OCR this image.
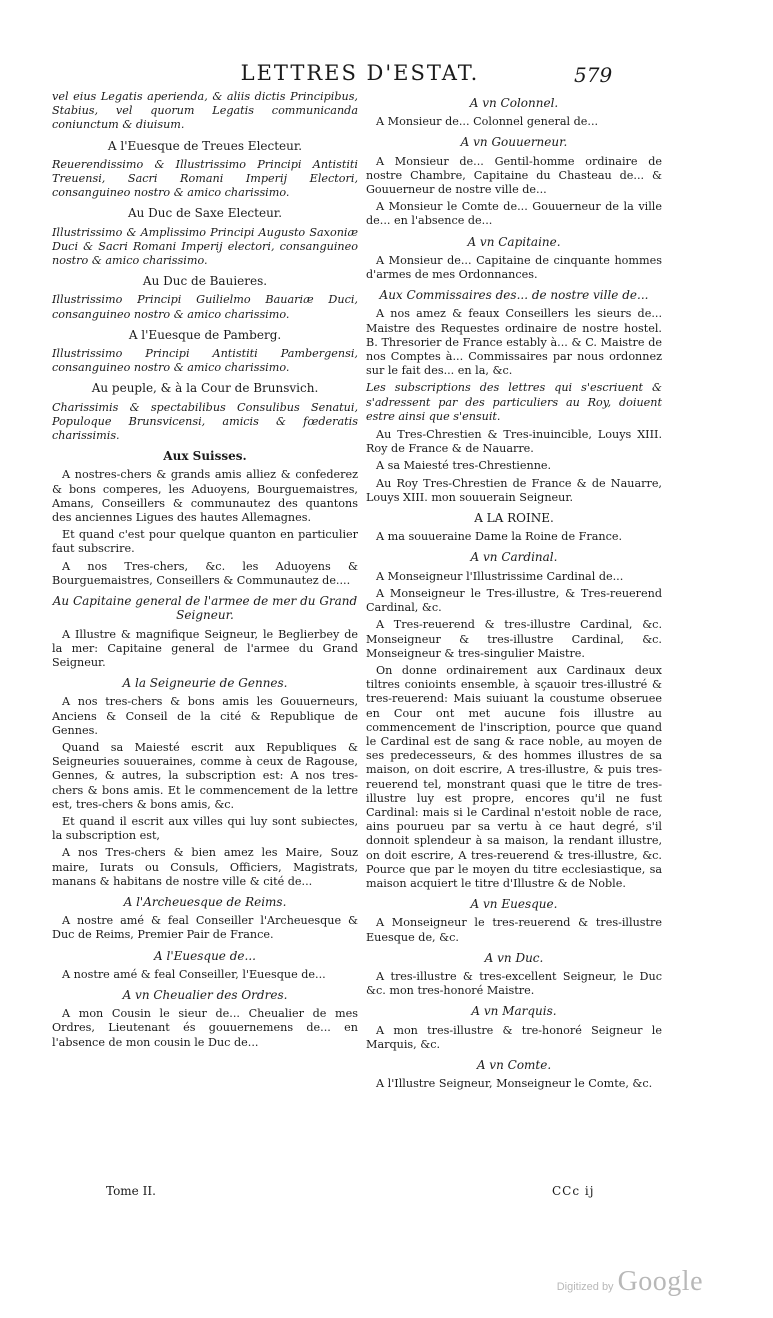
LETTRES D'ESTAT.	579
vel eius Legatis aperienda, & aliis dictis Principibus, Stabius, vel quorum Legatis communicanda coniunctum & diuisum.
A l'Euesque de Treues Electeur.
Reuerendissimo & Illustrissimo Principi Antistiti Treuensi, Sacri Romani Imperij Electori, consanguineo nostro & amico charissimo.
Au Duc de Saxe Electeur.
Illustrissimo & Amplissimo Principi Augusto Saxoniæ Duci & Sacri Romani Imperij electori, consanguineo nostro & amico charissimo.
Au Duc de Bauieres.
Illustrissimo Principi Guilielmo Bauariæ Duci, consanguineo nostro & amico charissimo.
A l'Euesque de Pamberg.
Illustrissimo Principi Antistiti Pambergensi, consanguineo nostro & amico charissimo.
Au peuple, & à la Cour de Brunsvich.
Charissimis & spectabilibus Consulibus Senatui, Populoque Brunsvicensi, amicis & fœderatis charissimis.
Aux Suisses.
A nostres-chers & grands amis alliez & confederez & bons comperes, les Aduoyens, Bourguemaistres, Amans, Conseillers & communautez des quantons des anciennes Ligues des hautes Allemagnes.
Et quand c'est pour quelque quanton en particulier faut subscrire.
A nos Tres-chers, &c. les Aduoyens & Bourguemaistres, Conseillers & Communautez de....
Au Capitaine general de l'armee de mer du Grand Seigneur.
A Illustre & magnifique Seigneur, le Beglierbey de la mer: Capitaine general de l'armee du Grand Seigneur.
A la Seigneurie de Gennes.
A nos tres-chers & bons amis les Gouuerneurs, Anciens & Conseil de la cité & Republique de Gennes.
Quand sa Maiesté escrit aux Republiques & Seigneuries souueraines, comme à ceux de Ragouse, Gennes, & autres, la subscription est: A nos tres-chers & bons amis. Et le commencement de la lettre est, tres-chers & bons amis, &c.
Et quand il escrit aux villes qui luy sont subiectes, la subscription est,
A nos Tres-chers & bien amez les Maire, Souz maire, Iurats ou Consuls, Officiers, Magistrats, manans & habitans de nostre ville & cité de...
A l'Archeuesque de Reims.
A nostre amé & feal Conseiller l'Archeuesque & Duc de Reims, Premier Pair de France.
A l'Euesque de...
A nostre amé & feal Conseiller, l'Euesque de...
A vn Cheualier des Ordres.
A mon Cousin le sieur de... Cheualier de mes Ordres, Lieutenant és gouuernemens de... en l'absence de mon cousin le Duc de...
A vn Colonnel.
A Monsieur de... Colonnel general de...
A vn Gouuerneur.
A Monsieur de... Gentil-homme ordinaire de nostre Chambre, Capitaine du Chasteau de... & Gouuerneur de nostre ville de...
A Monsieur le Comte de... Gouuerneur de la ville de... en l'absence de...
A vn Capitaine.
A Monsieur de... Capitaine de cinquante hommes d'armes de mes Ordonnances.
Aux Commissaires des... de nostre ville de...
A nos amez & feaux Conseillers les sieurs de... Maistre des Requestes ordinaire de nostre hostel. B. Thresorier de France estably à... & C. Maistre de nos Comptes à... Commissaires par nous ordonnez sur le fait des... en la, &c.
Les subscriptions des lettres qui s'escriuent & s'adressent par des particuliers au Roy, doiuent estre ainsi que s'ensuit.
Au Tres-Chrestien & Tres-inuincible, Louys XIII. Roy de France & de Nauarre.
A sa Maiesté tres-Chrestienne.
Au Roy Tres-Chrestien de France & de Nauarre, Louys XIII. mon souuerain Seigneur.
A LA ROINE.
A ma souueraine Dame la Roine de France.
A vn Cardinal.
A Monseigneur l'Illustrissime Cardinal de...
A Monseigneur le Tres-illustre, & Tres-reuerend Cardinal, &c.
A Tres-reuerend & tres-illustre Cardinal, &c. Monseigneur & tres-illustre Cardinal, &c. Monseigneur & tres-singulier Maistre.
On donne ordinairement aux Cardinaux deux tiltres conioints ensemble, à sçauoir tres-illustré & tres-reuerend: Mais suiuant la coustume obseruee en Cour ont met aucune fois illustre au commencement de l'inscription, pource que quand le Cardinal est de sang & race noble, au moyen de ses predecesseurs, & des hommes illustres de sa maison, on doit escrire, A tres-illustre, & puis tres-reuerend tel, monstrant quasi que le titre de tres-illustre luy est propre, encores qu'il ne fust Cardinal: mais si le Cardinal n'estoit noble de race, ains pourueu par sa vertu à ce haut degré, s'il donnoit splendeur à sa maison, la rendant illustre, on doit escrire, A tres-reuerend & tres-illustre, &c. Pource que par le moyen du titre ecclesiastique, sa maison acquiert le titre d'Illustre & de Noble.
A vn Euesque.
A Monseigneur le tres-reuerend & tres-illustre Euesque de, &c.
A vn Duc.
A tres-illustre & tres-excellent Seigneur, le Duc &c. mon tres-honoré Maistre.
A vn Marquis.
A mon tres-illustre & tre-honoré Seigneur le Marquis, &c.
A vn Comte.
A l'Illustre Seigneur, Monseigneur le Comte, &c.
Tome II.	CCc ij
Digitized by Google
